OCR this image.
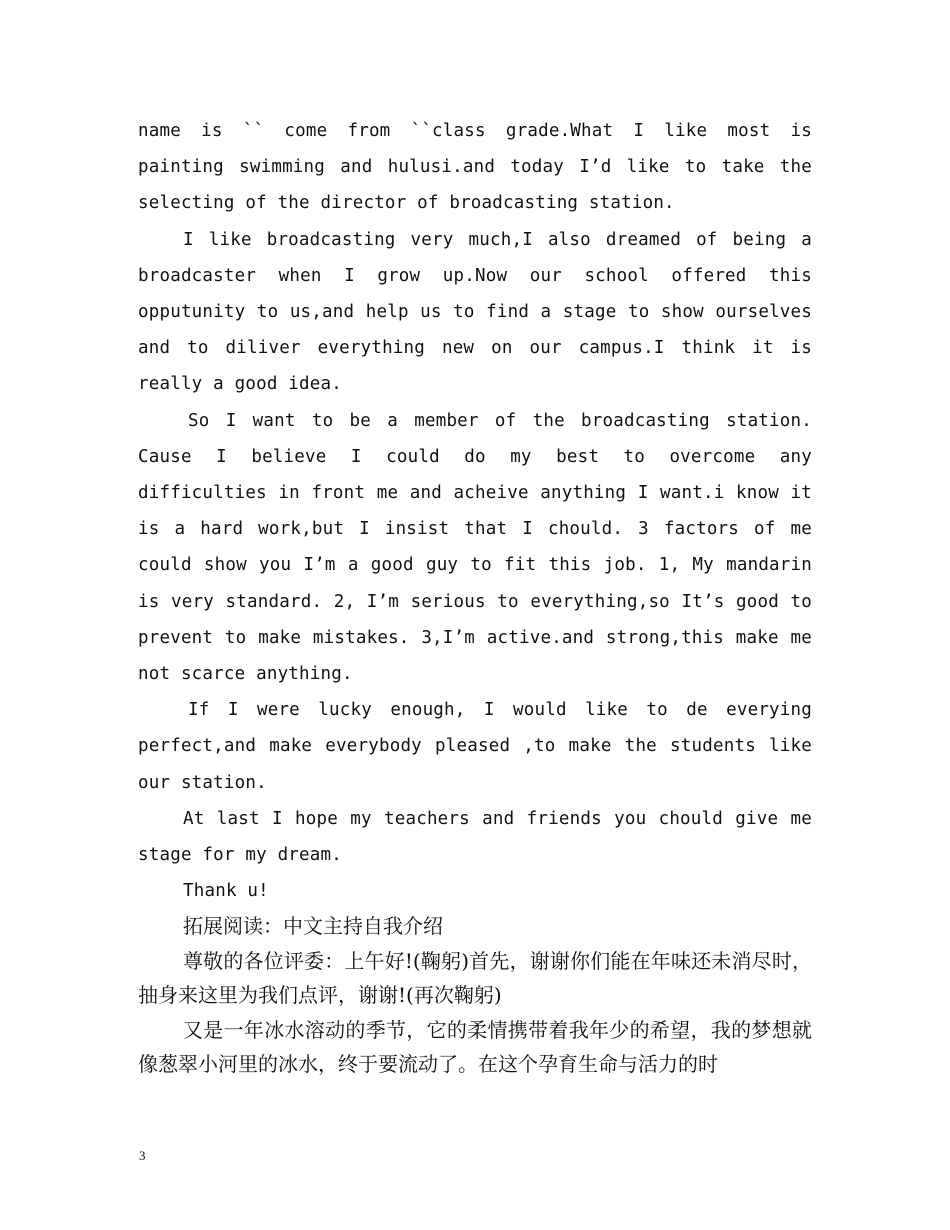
name is `` come from ``class grade.What I like most is painting swimming and hulusi.and today I’d like to take the selecting of the director of broadcasting station.

I like broadcasting very much,I also dreamed of being a broadcaster when I grow up.Now our school offered this opputunity to us,and help us to find a stage to show ourselves and to diliver everything new on our campus.I think it is really a good idea.

So I want to be a member of the broadcasting station. Cause I believe I could do my best to overcome any difficulties in front me and acheive anything I want.i know it is a hard work,but I insist that I chould. 3 factors of me could show you I’m a good guy to fit this job. 1, My mandarin is very standard. 2, I’m serious to everything,so It’s good to prevent to make mistakes. 3,I’m active.and strong,this make me not scarce anything.

If I were lucky enough, I would like to de everying perfect,and make everybody pleased ,to make the students like our station.

At last I hope my teachers and friends you chould give me stage for my dream.

Thank u!

拓展阅读：中文主持自我介绍

尊敬的各位评委：上午好!(鞠躬)首先，谢谢你们能在年味还未消尽时，抽身来这里为我们点评，谢谢!(再次鞠躬)

又是一年冰水溶动的季节，它的柔情携带着我年少的希望，我的梦想就像葱翠小河里的冰水，终于要流动了。在这个孕育生命与活力的时

3
